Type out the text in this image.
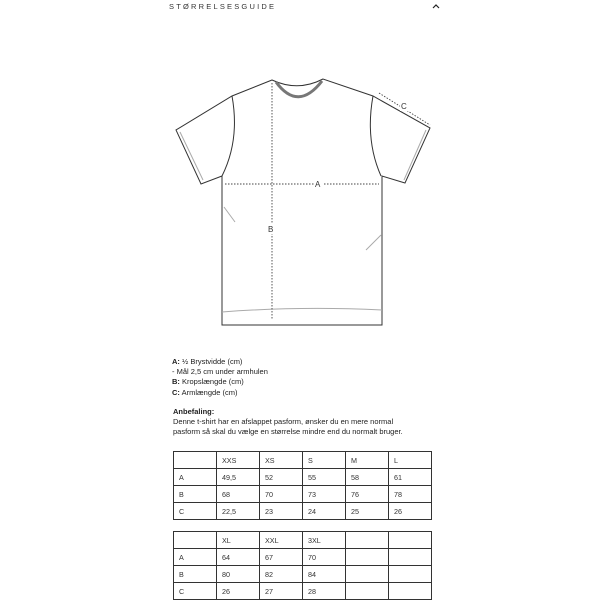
STØRRELSESGUIDE
A
B
C
A: ½ Brystvidde (cm)
- Mål 2,5 cm under armhulen
B: Kropslængde (cm)
C: Armlængde (cm)
Anbefaling:
Denne t-shirt har en afslappet pasform, ønsker du en mere normal
pasform så skal du vælge en størrelse mindre end du normalt bruger.
	XXS	XS	S	M	L
A	49,5	52	55	58	61
B	68	70	73	76	78
C	22,5	23	24	25	26
	XL	XXL	3XL		
A	64	67	70		
B	80	82	84		
C	26	27	28		
